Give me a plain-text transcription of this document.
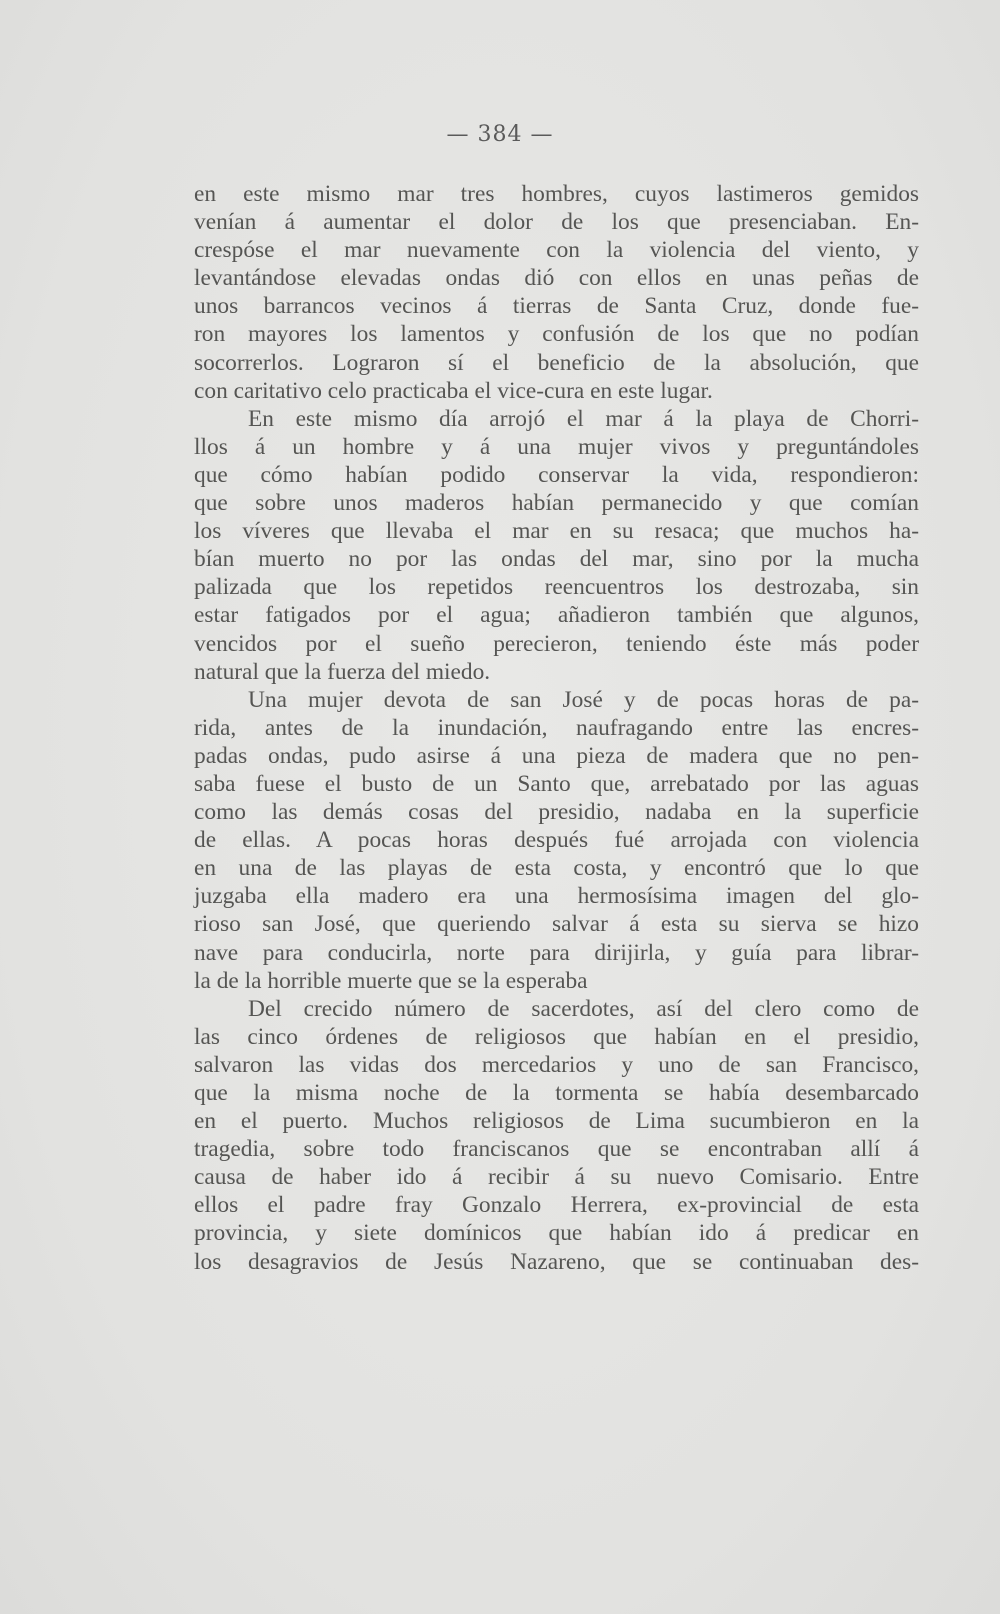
— 384 —
en este mismo mar tres hombres, cuyos lastimeros gemidos
venían á aumentar el dolor de los que presenciaban. En-
crespóse el mar nuevamente con la violencia del viento, y
levantándose elevadas ondas dió con ellos en unas peñas de
unos barrancos vecinos á tierras de Santa Cruz, donde fue-
ron mayores los lamentos y confusión de los que no podían
socorrerlos. Lograron sí el beneficio de la absolución, que
con caritativo celo practicaba el vice-cura en este lugar.
En este mismo día arrojó el mar á la playa de Chorri-
llos á un hombre y á una mujer vivos y preguntándoles
que cómo habían podido conservar la vida, respondieron:
que sobre unos maderos habían permanecido y que comían
los víveres que llevaba el mar en su resaca; que muchos ha-
bían muerto no por las ondas del mar, sino por la mucha
palizada que los repetidos reencuentros los destrozaba, sin
estar fatigados por el agua; añadieron también que algunos,
vencidos por el sueño perecieron, teniendo éste más poder
natural que la fuerza del miedo.
Una mujer devota de san José y de pocas horas de pa-
rida, antes de la inundación, naufragando entre las encres-
padas ondas, pudo asirse á una pieza de madera que no pen-
saba fuese el busto de un Santo que, arrebatado por las aguas
como las demás cosas del presidio, nadaba en la superficie
de ellas. A pocas horas después fué arrojada con violencia
en una de las playas de esta costa, y encontró que lo que
juzgaba ella madero era una hermosísima imagen del glo-
rioso san José, que queriendo salvar á esta su sierva se hizo
nave para conducirla, norte para dirijirla, y guía para librar-
la de la horrible muerte que se la esperaba
Del crecido número de sacerdotes, así del clero como de
las cinco órdenes de religiosos que habían en el presidio,
salvaron las vidas dos mercedarios y uno de san Francisco,
que la misma noche de la tormenta se había desembarcado
en el puerto. Muchos religiosos de Lima sucumbieron en la
tragedia, sobre todo franciscanos que se encontraban allí á
causa de haber ido á recibir á su nuevo Comisario. Entre
ellos el padre fray Gonzalo Herrera, ex-provincial de esta
provincia, y siete domínicos que habían ido á predicar en
los desagravios de Jesús Nazareno, que se continuaban des-
